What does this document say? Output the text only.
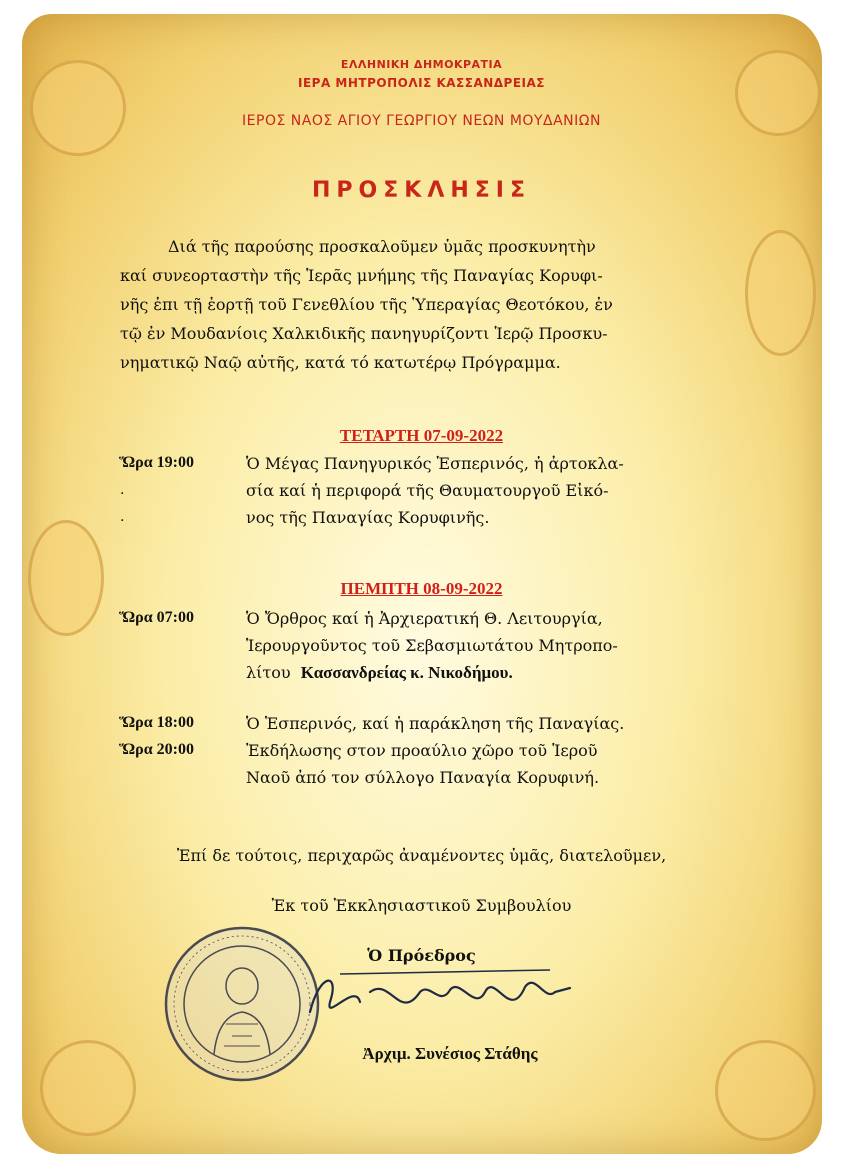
ΕΛΛΗΝΙΚΗ ΔΗΜΟΚΡΑΤΙΑ
ΙΕΡΑ ΜΗΤΡΟΠΟΛΙΣ ΚΑΣΣΑΝΔΡΕΙΑΣ
ΙΕΡΟΣ ΝΑΟΣ ΑΓΙΟΥ ΓΕΩΡΓΙΟΥ ΝΕΩΝ ΜΟΥΔΑΝΙΩΝ
ΠΡΟΣΚΛΗΣΙΣ

Διά τῆς παρούσης προσκαλοῦμεν ὑμᾶς προσκυνητὴν

καί συνεορταστὴν τῆς Ἱερᾶς μνήμης τῆς Παναγίας Κορυφι-

νῆς ἐπι τῇ ἑορτῇ τοῦ Γενεθλίου τῆς Ὑπεραγίας Θεοτόκου, ἐν

τῷ ἐν Μουδανίοις Χαλκιδικῆς πανηγυρίζοντι Ἱερῷ Προσκυ-

νηματικῷ Ναῷ αὐτῆς, κατά τό κατωτέρῳ Πρόγραμμα.

ΤΕΤΑΡΤΗ 07-09-2022
Ὥρα 19:00	Ὁ Μέγας Πανηγυρικός Ἑσπερινός, ἡ ἀρτοκλα-
σία καί ἡ περιφορά τῆς Θαυματουργοῦ Εἰκό-
νος τῆς Παναγίας Κορυφινῆς.
.
.
ΠΕΜΠΤΗ 08-09-2022
Ὥρα 07:00	Ὁ Ὄρθρος καί ἡ Ἀρχιερατική Θ. Λειτουργία,
Ἱερουργοῦντος τοῦ Σεβασμιωτάτου Μητροπο-
λίτου Κασσανδρείας κ. Νικοδήμου.
Ὥρα 18:00	Ὁ Ἑσπερινός, καί ἡ παράκληση τῆς Παναγίας.
Ὥρα 20:00	Ἐκδήλωσης στον προαύλιο χῶρο τοῦ Ἱεροῦ
Ναοῦ ἀπό τον σύλλογο Παναγία Κορυφινή.
Ἐπί δε τούτοις, περιχαρῶς ἀναμένοντες ὑμᾶς, διατελοῦμεν,
Ἐκ τοῦ Ἐκκλησιαστικοῦ Συμβουλίου
Ὁ Πρόεδρος
Ἀρχιμ. Συνέσιος Στάθης
